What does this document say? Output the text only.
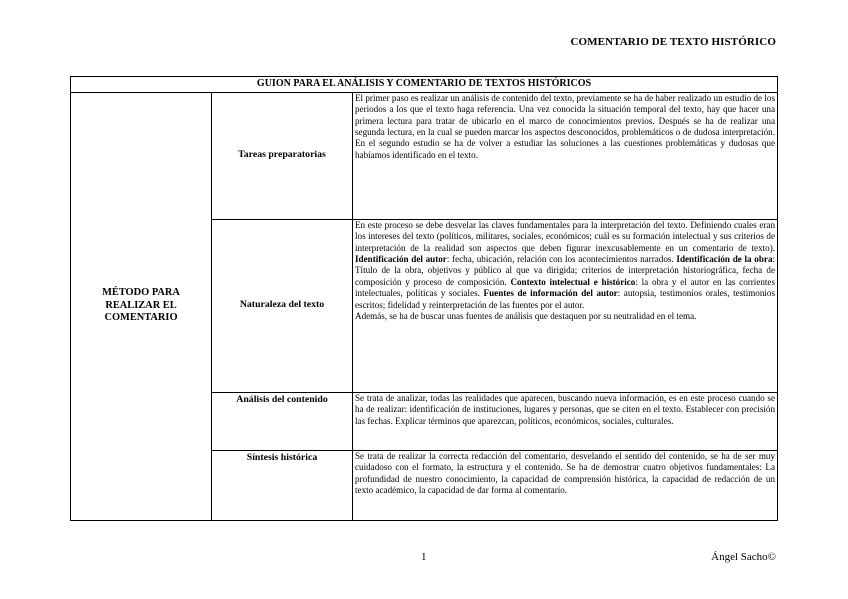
COMENTARIO DE TEXTO HISTÓRICO
GUION PARA EL ANÁLISIS Y COMENTARIO DE TEXTOS HISTÓRICOS		

MÉTODO PARA REALIZAR EL COMENTARIO	Tareas preparatorias	El primer paso es realizar un análisis de contenido del texto, previamente se ha de haber realizado un estudio de los periodos a los que el texto haga referencia. Una vez conocida la situación temporal del texto, hay que hacer una primera lectura para tratar de ubicarlo en el marco de conocimientos previos. Después se ha de realizar una segunda lectura, en la cual se pueden marcar los aspectos desconocidos, problemáticos o de dudosa interpretación. En el segundo estudio se ha de volver a estudiar las soluciones a las cuestiones problemáticas y dudosas que habíamos identificado en el texto.
	Naturaleza del texto	En este proceso se debe desvelar las claves fundamentales para la interpretación del texto. Definiendo cuales eran los intereses del texto (políticos, militares, sociales, económicos; cuál es su formación intelectual y sus criterios de interpretación de la realidad son aspectos que deben figurar inexcusablemente en un comentario de texto). Identificación del autor: fecha, ubicación, relación con los acontecimientos narrados. Identificación de la obra: Título de la obra, objetivos y público al que va dirigida; criterios de interpretación historiográfica, fecha de composición y proceso de composición. Contexto intelectual e histórico: la obra y el autor en las corrientes intelectuales, políticas y sociales. Fuentes de información del autor: autopsia, testimonios orales, testimonios escritos; fidelidad y reinterpretación de las fuentes por el autor.
Además, se ha de buscar unas fuentes de análisis que destaquen por su neutralidad en el tema.
	Análisis del contenido	Se trata de analizar, todas las realidades que aparecen, buscando nueva información, es en este proceso cuando se ha de realizar: identificación de instituciones, lugares y personas, que se citen en el texto. Establecer con precisión las fechas. Explicar términos que aparezcan, políticos, económicos, sociales, culturales.
	Síntesis histórica	Se trata de realizar la correcta redacción del comentario, desvelando el sentido del contenido, se ha de ser muy cuidadoso con el formato, la estructura y el contenido. Se ha de demostrar cuatro objetivos fundamentales: La profundidad de nuestro conocimiento, la capacidad de comprensión histórica, la capacidad de redacción de un texto académico, la capacidad de dar forma al comentario.
1	Ángel Sacho©
